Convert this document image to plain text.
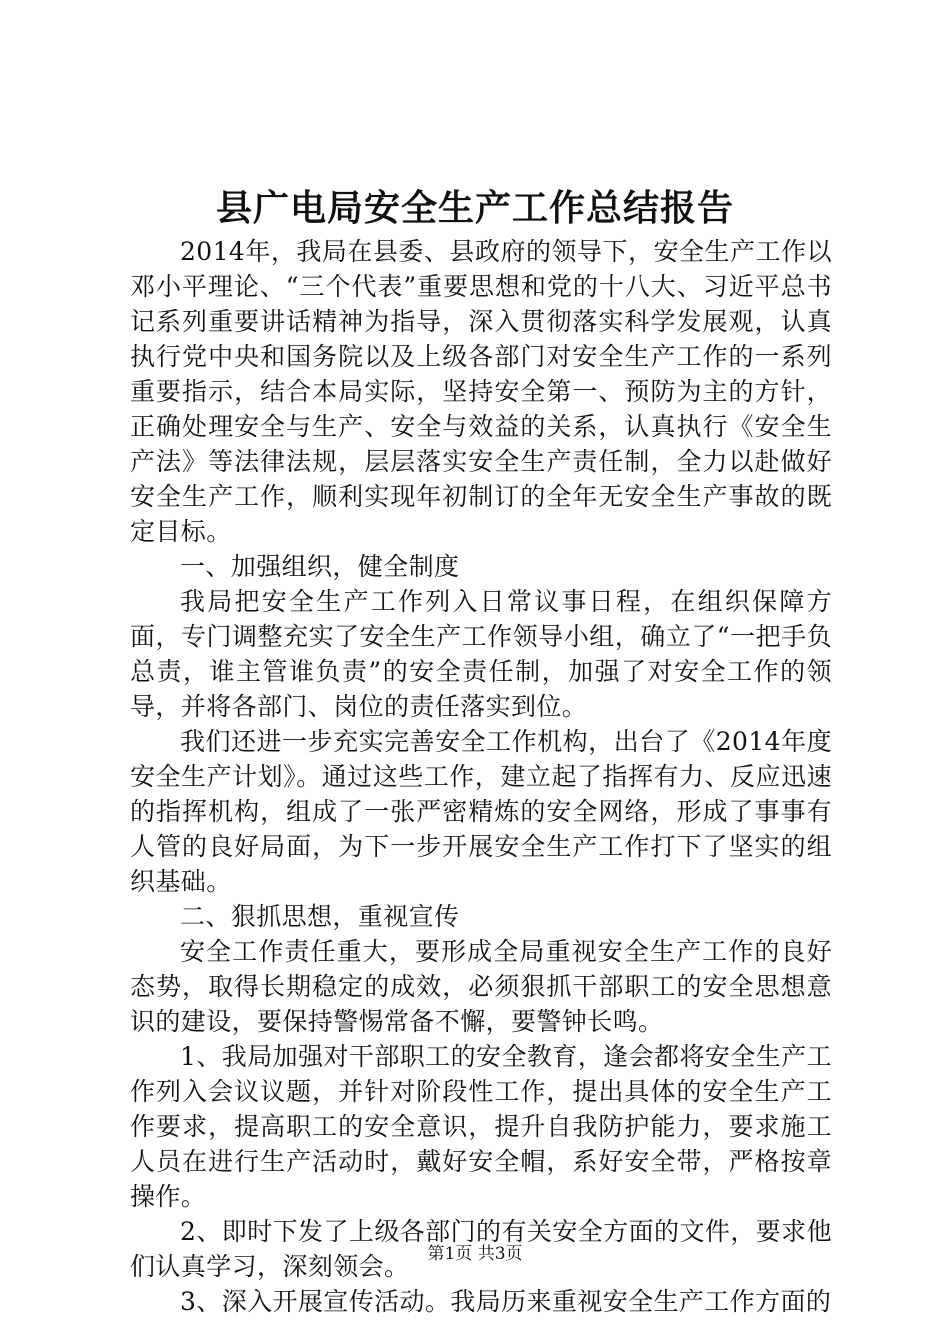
县广电局安全生产工作总结报告

2014年，我局在县委、县政府的领导下，安全生产工作以邓小平理论、“三个代表”重要思想和党的十八大、习近平总书记系列重要讲话精神为指导，深入贯彻落实科学发展观，认真执行党中央和国务院以及上级各部门对安全生产工作的一系列重要指示，结合本局实际，坚持安全第一、预防为主的方针，正确处理安全与生产、安全与效益的关系，认真执行《安全生产法》等法律法规，层层落实安全生产责任制，全力以赴做好安全生产工作，顺利实现年初制订的全年无安全生产事故的既定目标。

一、加强组织，健全制度

我局把安全生产工作列入日常议事日程，在组织保障方面，专门调整充实了安全生产工作领导小组，确立了“一把手负总责，谁主管谁负责”的安全责任制，加强了对安全工作的领导，并将各部门、岗位的责任落实到位。

我们还进一步充实完善安全工作机构，出台了《2014年度安全生产计划》。通过这些工作，建立起了指挥有力、反应迅速的指挥机构，组成了一张严密精炼的安全网络，形成了事事有人管的良好局面，为下一步开展安全生产工作打下了坚实的组织基础。

二、狠抓思想，重视宣传

安全工作责任重大，要形成全局重视安全生产工作的良好态势，取得长期稳定的成效，必须狠抓干部职工的安全思想意识的建设，要保持警惕常备不懈，要警钟长鸣。

1、我局加强对干部职工的安全教育，逢会都将安全生产工作列入会议议题，并针对阶段性工作，提出具体的安全生产工作要求，提高职工的安全意识，提升自我防护能力，要求施工人员在进行生产活动时，戴好安全帽，系好安全带，严格按章操作。

2、即时下发了上级各部门的有关安全方面的文件，要求他们认真学习，深刻领会。

3、深入开展宣传活动。我局历来重视安全生产工作方面的

第1页 共3页
